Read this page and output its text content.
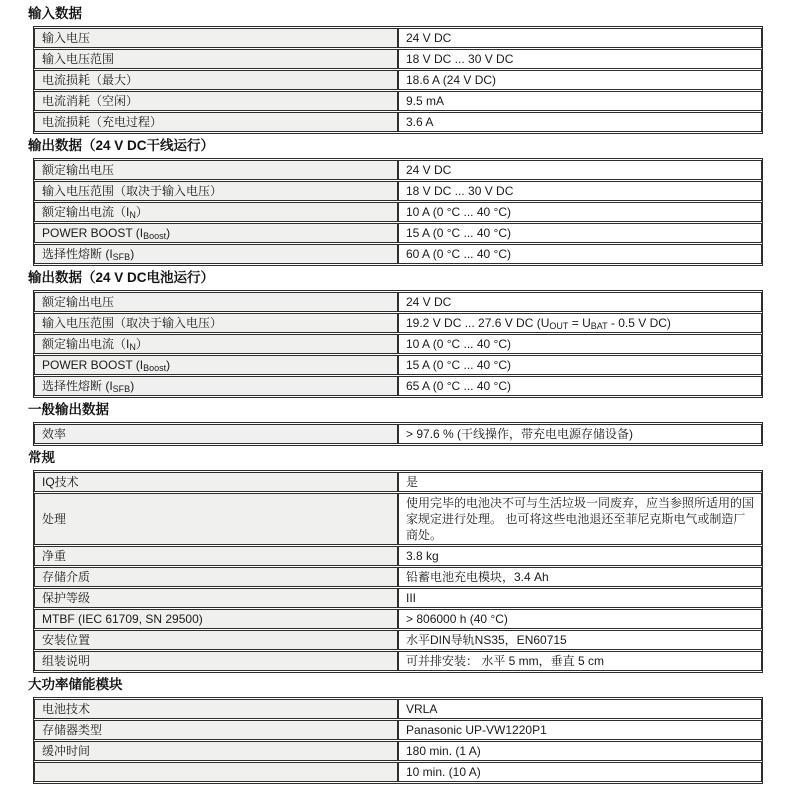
输入数据
输入电压	24 V DC
输入电压范围	18 V DC ... 30 V DC
电流损耗（最大）	18.6 A (24 V DC)
电流消耗（空闲）	9.5 mA
电流损耗（充电过程）	3.6 A
输出数据（24 V DC干线运行）
额定输出电压	24 V DC
输入电压范围（取决于输入电压）	18 V DC ... 30 V DC
额定输出电流$(I_N)$	10 A (0 °C ... 40 °C)
POWER BOOST $(I_{Boost})$	15 A (0 °C ... 40 °C)
选择性熔断 $(I_{SFB})$	60 A (0 °C ... 40 °C)
输出数据（24 V DC电池运行）
额定输出电压	24 V DC
输入电压范围（取决于输入电压）	19.2 V DC ... 27.6 V DC ($U_{OUT} = U_{BAT} - 0.5$ V DC)
额定输出电流$(I_N)$	10 A (0 °C ... 40 °C)
POWER BOOST $(I_{Boost})$	15 A (0 °C ... 40 °C)
选择性熔断 $(I_{SFB})$	65 A (0 °C ... 40 °C)
一般输出数据
效率	> 97.6 % (干线操作，带充电电源存储设备)
常规
IQ技术	是
处理	使用完毕的电池决不可与生活垃圾一同废弃，应当参照所适用的国家规定进行处理。 也可将这些电池退还至菲尼克斯电气或制造厂商处。
净重	3.8 kg
存储介质	铅蓄电池充电模块，3.4 Ah
保护等级	III
MTBF (IEC 61709, SN 29500)	> 806000 h (40 °C)
安装位置	水平DIN导轨NS35，EN60715
组装说明	可并排安装： 水平 5 mm，垂直 5 cm
大功率储能模块
电池技术	VRLA
存储器类型	Panasonic UP-VW1220P1
缓冲时间	180 min. (1 A)
	10 min. (10 A)
